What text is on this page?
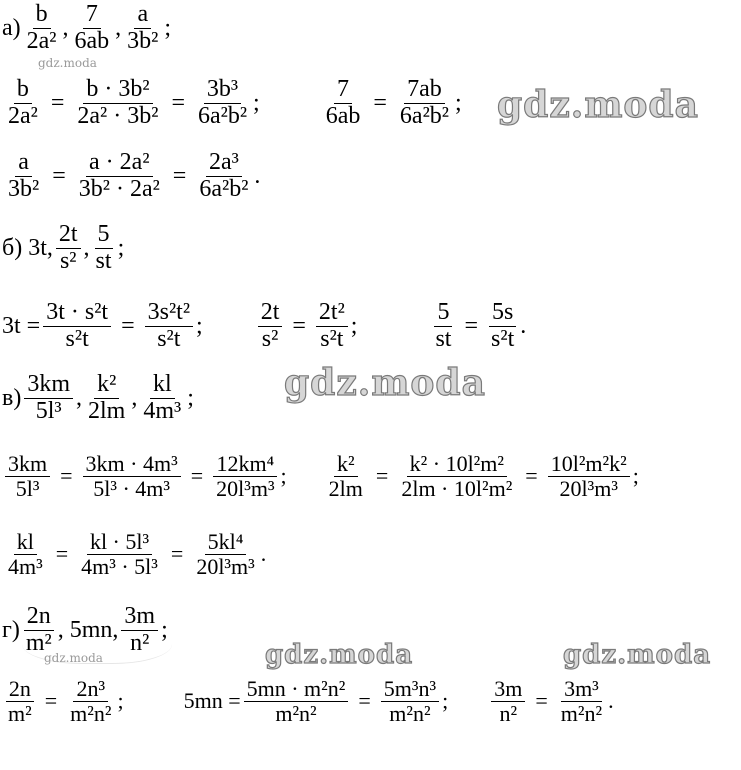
gdz.moda
gdz.moda
gdz.moda
gdz.moda	gdz.moda	gdz.moda
$а) \frac{b}{\text{2a²}}$ , $\frac{7}{6ab}$ , $\frac{a}{\text{3b²}}$ ;
$\frac{b}{\text{2a²}} = \frac{\text{b · 3b²}}{\text{2a² · 3b²}} = \frac{\text{3b³}}{\text{6a²b²}}$ ;	$\frac{7}{6ab} = \frac{7ab}{\text{6a²b²}}$ ;
$\frac{a}{\text{3b²}} = \frac{\text{a · 2a²}}{\text{3b² · 2a²}} = \frac{\text{2a³}}{\text{6a²b²}}$ .
б) 3t, $\frac{2t}{\text{s²}}$ , $\frac{5}{st}$ ;
$3t = \frac{\text{3t · s²t}}{\text{s²t}} = \frac{\text{3s²t²}}{\text{s²t}}$ ; $\frac{2t}{\text{s²}} = \frac{\text{2t²}}{\text{s²t}}$ ;	$\frac{5}{st} = \frac{5s}{\text{s²t}}$ .
$в) \frac{3km}{\text{5l³}}$ , $\frac{\text{k²}}{2lm}$ , $\frac{kl}{\text{4m³}}$ ;
$\frac{3km}{\text{5l³}} = \frac{\text{3km · 4m³}}{\text{5l³ · 4m³}} = \frac{\text{12km⁴}}{\text{20l³m³}}$ ; $\frac{\text{k²}}{2lm} = \frac{\text{k² · 10l²m²}}{\text{2lm · 10l²m²}} = \frac{\text{10l²m²k²}}{\text{20l³m³}}$ ;
$\frac{kl}{\text{4m³}} = \frac{\text{kl · 5l³}}{\text{4m³ · 5l³}} = \frac{\text{5kl⁴}}{\text{20l³m³}}$ .
$г) \frac{2n}{\text{m²}}$ , 5mn, $\frac{3m}{\text{n²}}$ ;
$\frac{2n}{\text{m²}} = \frac{\text{2n³}}{\text{m²n²}}$ ;	$5mn = \frac{\text{5mn · m²n²}}{\text{m²n²}} = \frac{\text{5m³n³}}{\text{m²n²}}$ ; $\frac{3m}{\text{n²}} = \frac{\text{3m³}}{\text{m²n²}}$ .
